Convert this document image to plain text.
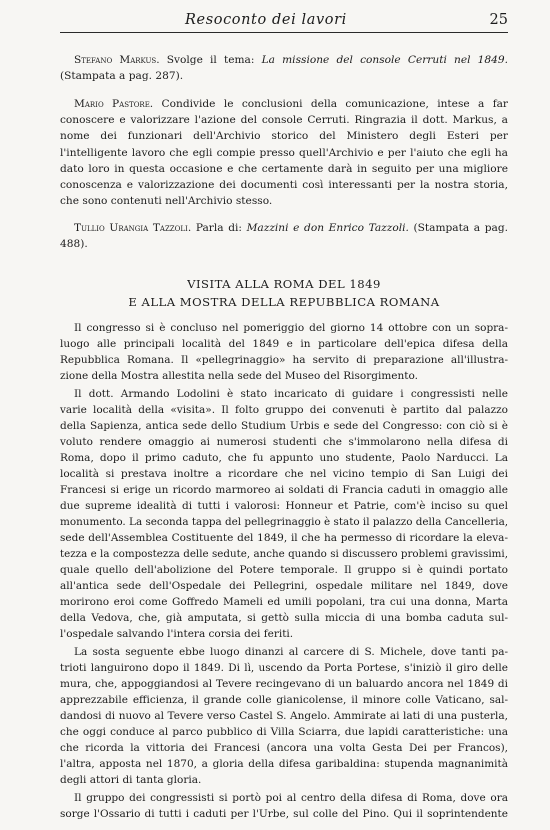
Resoconto dei lavori	25
Stefano Markus. Svolge il tema: La missione del console Cerruti nel 1849. (Stampata a pag. 287).
Mario Pastore. Condivide le conclusioni della comunicazione, intese a far conoscere e valorizzare l'azione del console Cerruti. Ringrazia il dott. Markus, a nome dei funzionari dell'Archivio storico del Ministero degli Esteri per l'intelligente lavoro che egli compie presso quell'Archivio e per l'aiuto che egli ha dato loro in questa occasione e che certamente darà in seguito per una migliore conoscenza e valorizzazione dei documenti così interessanti per la nostra storia, che sono contenuti nell'Archivio stesso.
Tullio Urangia Tazzoli. Parla di: Mazzini e don Enrico Tazzoli. (Stampata a pag. 488).
VISITA ALLA ROMA DEL 1849
E ALLA MOSTRA DELLA REPUBBLICA ROMANA
Il congresso si è concluso nel pomeriggio del giorno 14 ottobre con un sopra-
luogo alle principali località del 1849 e in particolare dell'epica difesa della
Repubblica Romana. Il «pellegrinaggio» ha servito di preparazione all'illustra-
zione della Mostra allestita nella sede del Museo del Risorgimento.
Il dott. Armando Lodolini è stato incaricato di guidare i congressisti nelle
varie località della «visita». Il folto gruppo dei convenuti è partito dal palazzo
della Sapienza, antica sede dello Studium Urbis e sede del Congresso: con ciò si è
voluto rendere omaggio ai numerosi studenti che s'immolarono nella difesa di
Roma, dopo il primo caduto, che fu appunto uno studente, Paolo Narducci. La
località si prestava inoltre a ricordare che nel vicino tempio di San Luigi dei
Francesi si erige un ricordo marmoreo ai soldati di Francia caduti in omaggio alle
due supreme idealità di tutti i valorosi: Honneur et Patrie, com'è inciso su quel
monumento. La seconda tappa del pellegrinaggio è stato il palazzo della Cancelleria,
sede dell'Assemblea Costituente del 1849, il che ha permesso di ricordare la eleva-
tezza e la compostezza delle sedute, anche quando si discussero problemi gravissimi,
quale quello dell'abolizione del Potere temporale. Il gruppo si è quindi portato
all'antica sede dell'Ospedale dei Pellegrini, ospedale militare nel 1849, dove
morirono eroi come Goffredo Mameli ed umili popolani, tra cui una donna, Marta
della Vedova, che, già amputata, si gettò sulla miccia di una bomba caduta sul-
l'ospedale salvando l'intera corsia dei feriti.
La sosta seguente ebbe luogo dinanzi al carcere di S. Michele, dove tanti pa-
trioti languirono dopo il 1849. Di lì, uscendo da Porta Portese, s'iniziò il giro delle
mura, che, appoggiandosi al Tevere recingevano di un baluardo ancora nel 1849 di
apprezzabile efficienza, il grande colle gianicolense, il minore colle Vaticano, sal-
dandosi di nuovo al Tevere verso Castel S. Angelo. Ammirate ai lati di una pusterla,
che oggi conduce al parco pubblico di Villa Sciarra, due lapidi caratteristiche: una
che ricorda la vittoria dei Francesi (ancora una volta Gesta Dei per Francos),
l'altra, apposta nel 1870, a gloria della difesa garibaldina: stupenda magnanimità
degli attori di tanta gloria.
Il gruppo dei congressisti si portò poi al centro della difesa di Roma, dove ora
sorge l'Ossario di tutti i caduti per l'Urbe, sul colle del Pino. Qui il soprintendente
